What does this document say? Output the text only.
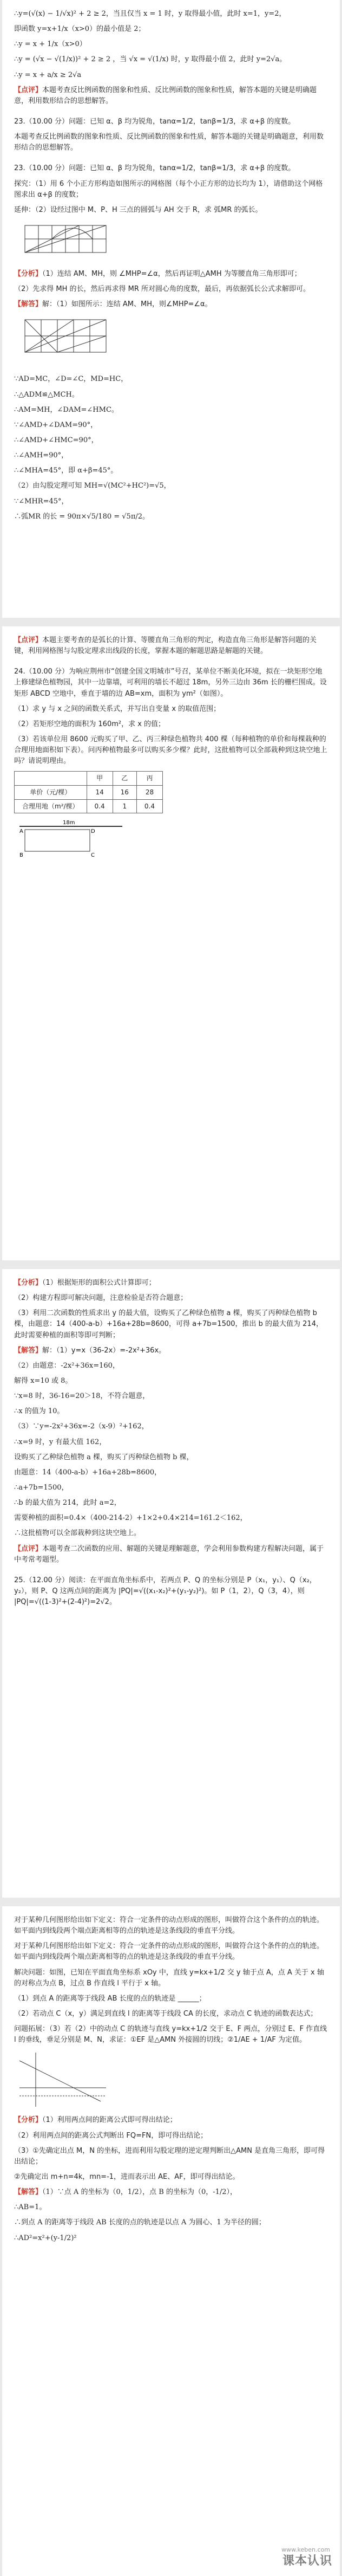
∴y=(√(x) − 1/√x)² + 2 ≥ 2，当且仅当 x = 1 时，y 取得最小值，此时 x=1，y=2，

即函数 y=x+1/x（x>0）的最小值是 2；

∴y = x + 1/x（x>0）

∴y = (√x − √(1/x))² + 2 ≥ 2 ，当 √x = √(1/x) 时，y 取得最小值 2，此时 y=2√a。

∴y = x + a/x ≥ 2√a

【点评】本题考查反比例函数的图象和性质、反比例函数的图象和性质，解答本题的关键是明确题意，利用数形结合的思想解答。

23.（10.00 分）问题：已知 α、β 均为锐角，tanα=1/2，tanβ=1/3，求 α+β 的度数。

本题考查反比例函数的图象和性质、反比例函数的图象和性质，解答本题的关键是明确题意，利用数形结合的思想解答。

23.（10.00 分）问题：已知 α、β 均为锐角，tanα=1/2，tanβ=1/3，求 α+β 的度数。

探究：（1）用 6 个小正方形构造如图所示的网格图（每个小正方形的边长均为 1），请借助这个网格图求出 α+β 的度数；

延伸：（2）设经过图中 M、P、H 三点的圆弧与 AH 交于 R，求 弧MR 的弧长。

【分析】（1）连结 AM、MH，则 ∠MHP=∠α，然后再证明△AMH 为等腰直角三角形即可；

（2）先求得 MH 的长，然后再求得 MR 所对圆心角的度数，最后，再依据弧长公式求解即可。

【解答】解：（1）如图所示：连结 AM、MH，则∠MHP=∠α。

∵AD=MC，∠D=∠C，MD=HC，

∴△ADM≌△MCH。

∴AM=MH，∠DAM=∠HMC。

∵∠AMD+∠DAM=90°，

∴∠AMD+∠HMC=90°，

∴∠AMH=90°，

∴∠MHA=45°，即 α+β=45°。

（2）由勾股定理可知 MH=√(MC²+HC²)=√5，

∵∠MHR=45°，

∴弧MR 的长 = 90π×√5/180 = √5π/2。

【点评】本题主要考查的是弧长的计算、等腰直角三角形的判定，构造直角三角形是解答问题的关键，利用网格图与勾股定理求出线段的长度，掌握本题的解题思路是解题的关键。

24.（10.00 分）为响应荆州市“创建全国文明城市”号召，某单位不断美化环境，拟在一块矩形空地上修建绿色植物园，其中一边靠墙，可利用的墙长不超过 18m，另外三边由 36m 长的栅栏围成。设矩形 ABCD 空地中，垂直于墙的边 AB=xm，面积为 ym²（如图）。

（1）求 y 与 x 之间的函数关系式，并写出自变量 x 的取值范围；

（2）若矩形空地的面积为 160m²，求 x 的值；

（3）若该单位用 8600 元购买了甲、乙、丙三种绿色植物共 400 棵（每种植物的单价和每棵栽种的合理用地面积如下表）。问丙种植物最多可以购买多少棵？此时，这批植物可以全部栽种到这块空地上吗？请说明理由。

	甲	乙	丙
单价（元/棵）	14	16	28
合理用地（m²/棵）	0.4	1	0.4
18m
A
B	C
D

【分析】（1）根据矩形的面积公式计算即可；

（2）构建方程即可解决问题，注意检验是否符合题意；

（3）利用二次函数的性质求出 y 的最大值，设购买了乙种绿色植物 a 棵，购买了丙种绿色植物 b 棵，由题意：14（400-a-b）+16a+28b=8600，可得 a+7b=1500，推出 b 的最大值为 214，此时需要种植的面积等即可判断；

【解答】解：（1）y=x（36-2x）=-2x²+36x。

（2）由题意：-2x²+36x=160，

解得 x=10 或 8。

∵x=8 时，36-16=20＞18，不符合题意，

∴x 的值为 10。

（3）∵y=-2x²+36x=-2（x-9）²+162，

∴x=9 时，y 有最大值 162，

设购买了乙种绿色植物 a 棵，购买了丙种绿色植物 b 棵，

由题意：14（400-a-b）+16a+28b=8600，

∴a+7b=1500，

∴b 的最大值为 214，此时 a=2，

需要种植的面积=0.4×（400-214-2）+1×2+0.4×214=161.2＜162，

∴这批植物可以全部栽种到这块空地上。

【点评】本题考查二次函数的应用、解题的关键是理解题意，学会利用参数构建方程解决问题，属于中考常考题型。

25.（12.00 分）阅读：在平面直角坐标系中，若两点 P、Q 的坐标分别是 P（x₁，y₁）、Q（x₂，y₂），则 P、Q 这两点间的距离为 |PQ|=√((x₁-x₂)²+(y₁-y₂)²)。如 P（1，2），Q（3，4），则 |PQ|=√((1-3)²+(2-4)²)=2√2。

对于某种几何图形给出如下定义：符合一定条件的动点形成的图形，叫做符合这个条件的点的轨迹。如平面内到线段两个端点距离相等的点的轨迹是这条线段的垂直平分线。

对于某种几何图形给出如下定义：符合一定条件的动点形成的图形，叫做符合这个条件的点的轨迹。如平面内到线段两个端点距离相等的点的轨迹是这条线段的垂直平分线。

解决问题：如图，已知在平面直角坐标系 xOy 中，直线 y=kx+1/2 交 y 轴于点 A，点 A 关于 x 轴的对称点为点 B，过点 B 作直线 l 平行于 x 轴。

（1）到点 A 的距离等于线段 AB 长度的点的轨迹是 ______；

（2）若动点 C（x，y）满足到直线 l 的距离等于线段 CA 的长度，求动点 C 轨迹的函数表达式；

问题拓展：（3）若（2）中的动点 C 的轨迹与直线 y=kx+1/2 交于 E、F 两点，分别过 E、F 作直线 l 的垂线，垂足分别是 M、N，求证：①EF 是△AMN 外接圆的切线；②1/AE + 1/AF 为定值。

【分析】（1）利用两点间的距离公式即可得出结论；

（2）利用两点间的距离公式判断出 FQ=FN，即可得出结论；

（3）①先确定出点 M，N 的坐标，进而利用勾股定理的逆定理判断出△AMN 是直角三角形，即可得出结论；

②先确定出 m+n=4k，mn=-1，进而表示出 AE、AF，即可得出结论。

【解答】（1）∵点 A 的坐标为（0，1/2），点 B 的坐标为（0，-1/2），

∴AB=1。

∴到点 A 的距离等于线段 AB 长度的点的轨迹是以点 A 为圆心、1 为半径的圆；

∴AD²=x²+(y-1/2)²

www.keben.com
课本认识
